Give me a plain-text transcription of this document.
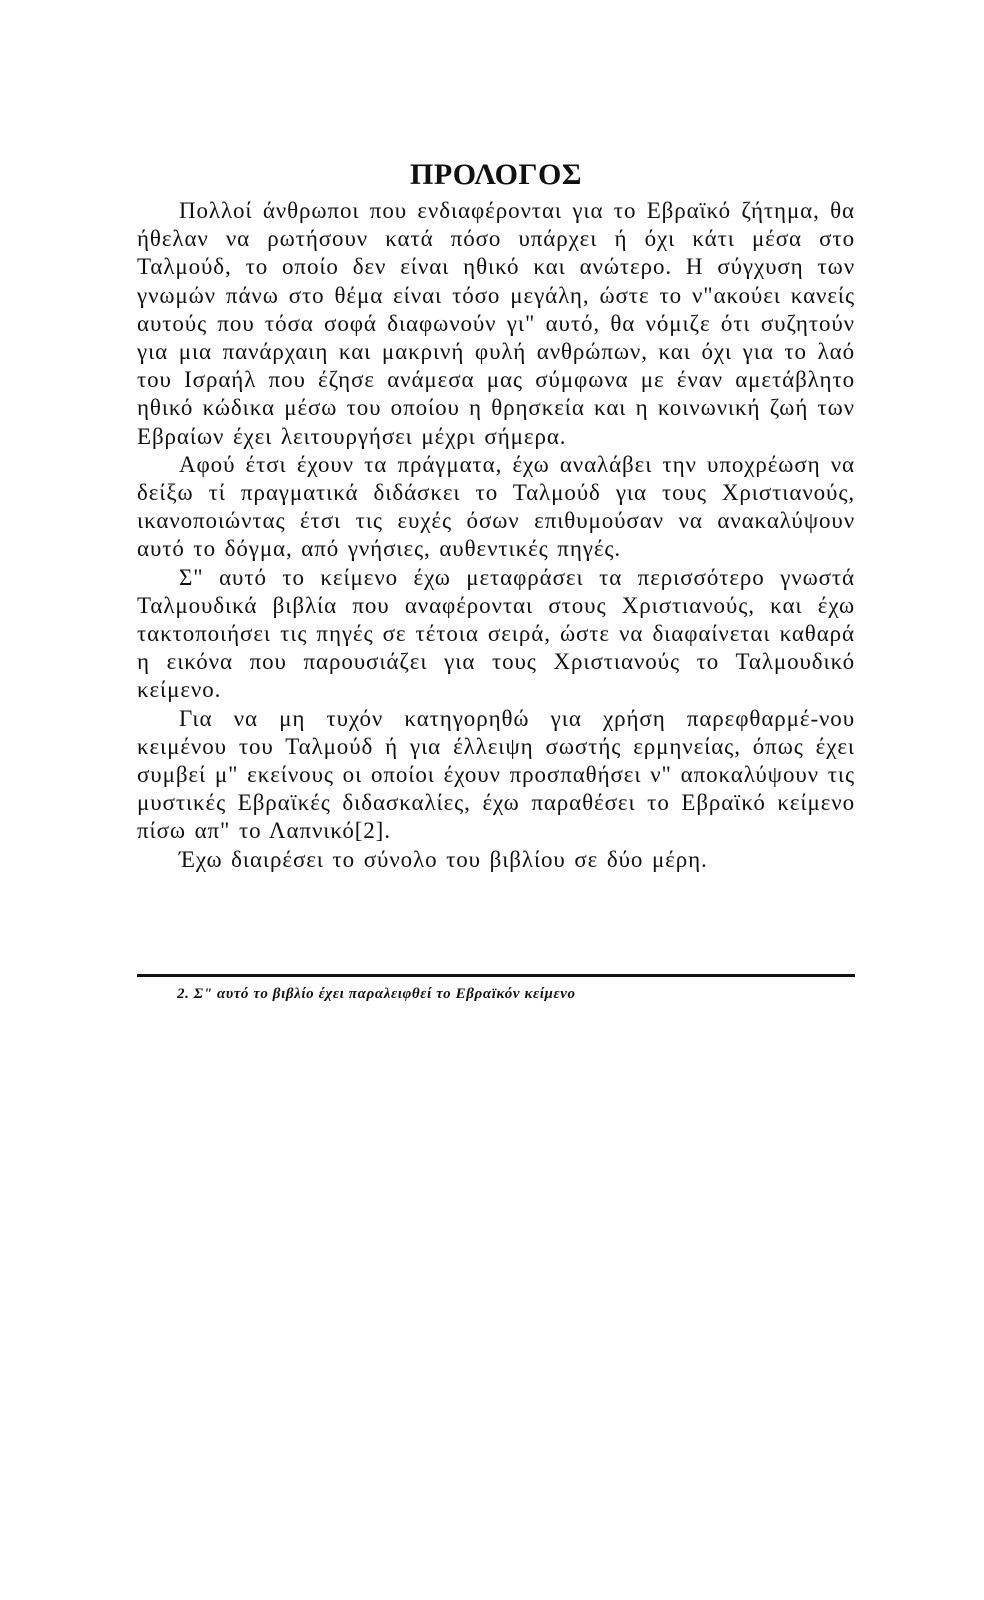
ΠΡΟΛΟΓΟΣ

Πολλοί άνθρωποι που ενδιαφέρονται για το Εβραϊκό ζήτημα, θα ήθελαν να ρωτήσουν κατά πόσο υπάρχει ή όχι κάτι μέσα στο Ταλμούδ, το οποίο δεν είναι ηθικό και ανώτερο. Η σύγχυση των γνωμών πάνω στο θέμα είναι τόσο μεγάλη, ώστε το ν"ακούει κανείς αυτούς που τόσα σοφά διαφωνούν γι" αυτό, θα νόμιζε ότι συζητούν για μια πανάρχαιη και μακρινή φυλή ανθρώπων, και όχι για το λαό του Ισραήλ που έζησε ανάμεσα μας σύμφωνα με έναν αμετάβλητο ηθικό κώδικα μέσω του οποίου η θρησκεία και η κοινωνική ζωή των Εβραίων έχει λειτουργήσει μέχρι σήμερα.

Αφού έτσι έχουν τα πράγματα, έχω αναλάβει την υποχρέωση να δείξω τί πραγματικά διδάσκει το Ταλμούδ για τους Χριστιανούς, ικανοποιώντας έτσι τις ευχές όσων επιθυμούσαν να ανακαλύψουν αυτό το δόγμα, από γνήσιες, αυθεντικές πηγές.

Σ" αυτό το κείμενο έχω μεταφράσει τα περισσότερο γνωστά Ταλμουδικά βιβλία που αναφέρονται στους Χριστιανούς, και έχω τακτοποιήσει τις πηγές σε τέτοια σειρά, ώστε να διαφαίνεται καθαρά η εικόνα που παρουσιάζει για τους Χριστιανούς το Ταλμουδικό κείμενο.

Για να μη τυχόν κατηγορηθώ για χρήση παρεφθαρμέ-νου κειμένου του Ταλμούδ ή για έλλειψη σωστής ερμηνείας, όπως έχει συμβεί μ" εκείνους οι οποίοι έχουν προσπαθήσει ν" αποκαλύψουν τις μυστικές Εβραϊκές διδασκαλίες, έχω παραθέσει το Εβραϊκό κείμενο πίσω απ" το Λαπνικό[2].

Έχω διαιρέσει το σύνολο του βιβλίου σε δύο μέρη.

2. Σ" αυτό το βιβλίο έχει παραλειφθεί το Εβραϊκόν κείμενο
